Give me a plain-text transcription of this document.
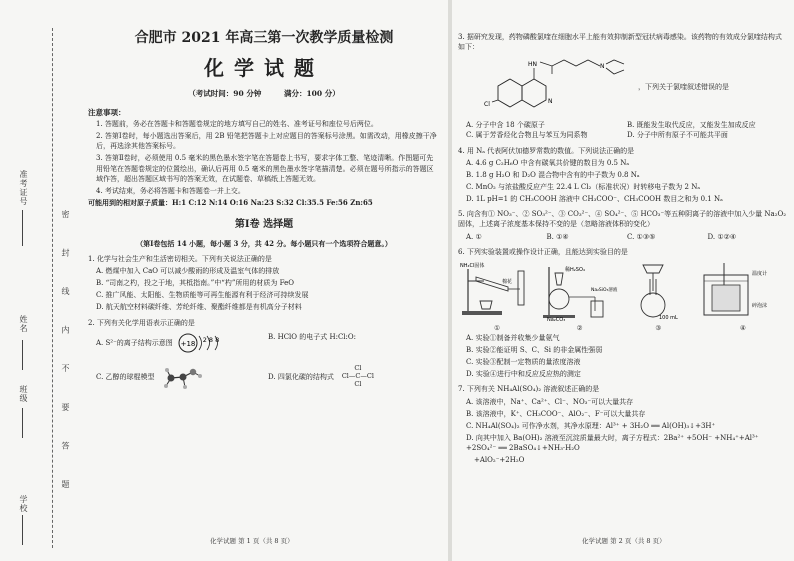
准考证号
姓名
班级
学校
密 封 线 内 不 要 答 题
合肥市 2021 年高三第一次教学质量检测
化学试题
（考试时间：90 分钟	满分：100 分）
注意事项：

1. 答题前，务必在答题卡和答题卷规定的地方填写自己的姓名、准考证号和座位号后两位。

2. 答第Ⅰ卷时，每小题选出答案后，用 2B 铅笔把答题卡上对应题目的答案标号涂黑。如需改动，用橡皮擦干净后，再选涂其他答案标号。

3. 答第Ⅱ卷时，必须使用 0.5 毫米的黑色墨水签字笔在答题卷上书写，要求字体工整、笔迹清晰。作图题可先用铅笔在答题卷规定的位置绘出，确认后再用 0.5 毫米的黑色墨水签字笔描清楚。必须在题号所指示的答题区域作答，超出答题区域书写的答案无效，在试题卷、草稿纸上答题无效。

4. 考试结束，务必将答题卡和答题卷一并上交。

可能用到的相对原子质量：H:1 C:12 N:14 O:16 Na:23 S:32 Cl:35.5 Fe:56 Zn:65

第Ⅰ卷 选择题

（第Ⅰ卷包括 14 小题，每小题 3 分，共 42 分。每小题只有一个选项符合题意。）

1. 化学与社会生产和生活密切相关。下列有关说法正确的是

A. 燃煤中加入 CaO 可以减少酸雨的形成及温室气体的排放

B. “司南之杓，投之于地，其柢指南。”中“杓”所用的材质为 FeO

C. 推广风能、太阳能、生物质能等可再生能源有利于经济可持续发展

D. 航天航空材料碳纤维、芳纶纤维、聚酯纤维都是有机高分子材料

2. 下列有关化学用语表示正确的是

A. S²⁻的离子结构示意图 +18 2 8 8	B. HClO 的电子式 H:Cl:O:
C. 乙醇的球棍模型	D. 四氯化碳的结构式
Cl
Cl—C—Cl
Cl
化学试题 第 1 页（共 8 页）

3. 据研究发现，药物磷酸氯喹在细胞水平上能有效抑制新型冠状病毒感染。该药物的有效成分氯喹结构式如下：

N
Cl
HN	N
，下列关于氯喹叙述错误的是
A. 分子中含 18 个碳原子	B. 既能发生取代反应，又能发生加成反应
C. 属于芳香烃化合物且与苯互为同系物	D. 分子中所有原子不可能共平面

4. 用 Nₐ 代表阿伏加德罗常数的数值。下列说法正确的是

A. 4.6 g C₂H₆O 中含有碳氧共价键的数目为 0.5 Nₐ

B. 1.8 g H₂O 和 D₂O 混合物中含有的中子数为 0.8 Nₐ

C. MnO₂ 与浓盐酸反应产生 22.4 L Cl₂（标准状况）时转移电子数为 2 Nₐ

D. 1L pH=1 的 CH₃COOH 溶液中 CH₃COO⁻、CH₃COOH 数目之和为 0.1 Nₐ

5. 向含有① NO₃⁻、② SO₃²⁻、③ CO₃²⁻、④ SO₄²⁻、⑤ HCO₃⁻等五种阴离子的溶液中加入少量 Na₂O₂ 固体，上述离子浓度基本保持不变的是（忽略溶液体积的变化）

A. ①	B. ①④	C. ①③⑤	D. ①②④

6. 下列实验装置或操作设计正确，且能达到实验目的是

NH₄Cl固体
棉花
①
稀H₂SO₄
Na₂CO₃
Na₂SiO₃溶液
②
100 mL
③
温度计
碎泡沫
④

A. 实验①制备并收集少量氨气

B. 实验②能证明 S、C、Si 的非金属性强弱

C. 实验③配制一定物质的量浓度溶液

D. 实验④进行中和反应反应热的测定

7. 下列有关 NH₄Al(SO₄)₂ 溶液叙述正确的是

A. 该溶液中，Na⁺、Ca²⁺、Cl⁻、NO₃⁻可以大量共存

B. 该溶液中，K⁺、CH₃COO⁻、AlO₂⁻、F⁻可以大量共存

C. NH₄Al(SO₄)₂ 可作净水剂，其净水原理：Al³⁺ + 3H₂O ══ Al(OH)₃↓+3H⁺

D. 向其中加入 Ba(OH)₂ 溶液至沉淀质量最大时，离子方程式：2Ba²⁺ +5OH⁻ +NH₄⁺+Al³⁺ +2SO₄²⁻ ══ 2BaSO₄↓+NH₃·H₂O

+AlO₂⁻+2H₂O

化学试题 第 2 页（共 8 页）
